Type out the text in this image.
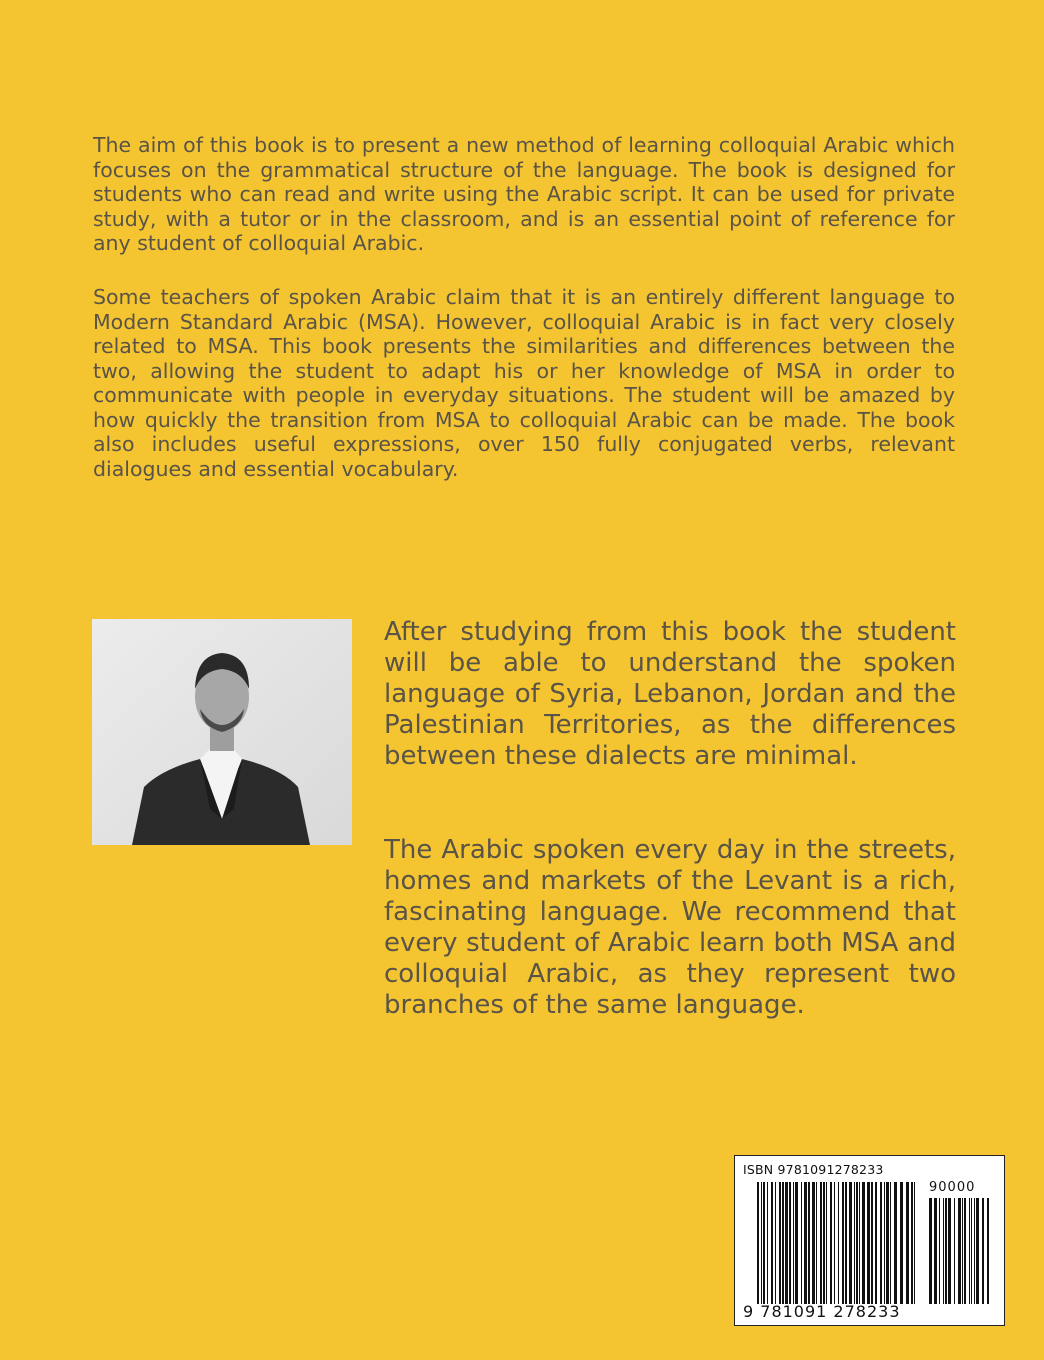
The aim of this book is to present a new method of learning colloquial Arabic which focuses on the grammatical structure of the language. The book is designed for students who can read and write using the Arabic script. It can be used for private study, with a tutor or in the classroom, and is an essential point of reference for any student of colloquial Arabic.

Some teachers of spoken Arabic claim that it is an entirely different language to Modern Standard Arabic (MSA). However, colloquial Arabic is in fact very closely related to MSA. This book presents the similarities and differences between the two, allowing the student to adapt his or her knowledge of MSA in order to communicate with people in everyday situations. The student will be amazed by how quickly the transition from MSA to colloquial Arabic can be made. The book also includes useful expressions, over 150 fully conjugated verbs, relevant dialogues and essential vocabulary.

After studying from this book the student will be able to understand the spoken language of Syria, Lebanon, Jordan and the Palestinian Territories, as the differences between these dialects are minimal.

The Arabic spoken every day in the streets, homes and markets of the Levant is a rich, fascinating language. We recommend that every student of Arabic learn both MSA and colloquial Arabic, as they represent two branches of the same language.

ISBN 9781091278233
90000
9 781091 278233
